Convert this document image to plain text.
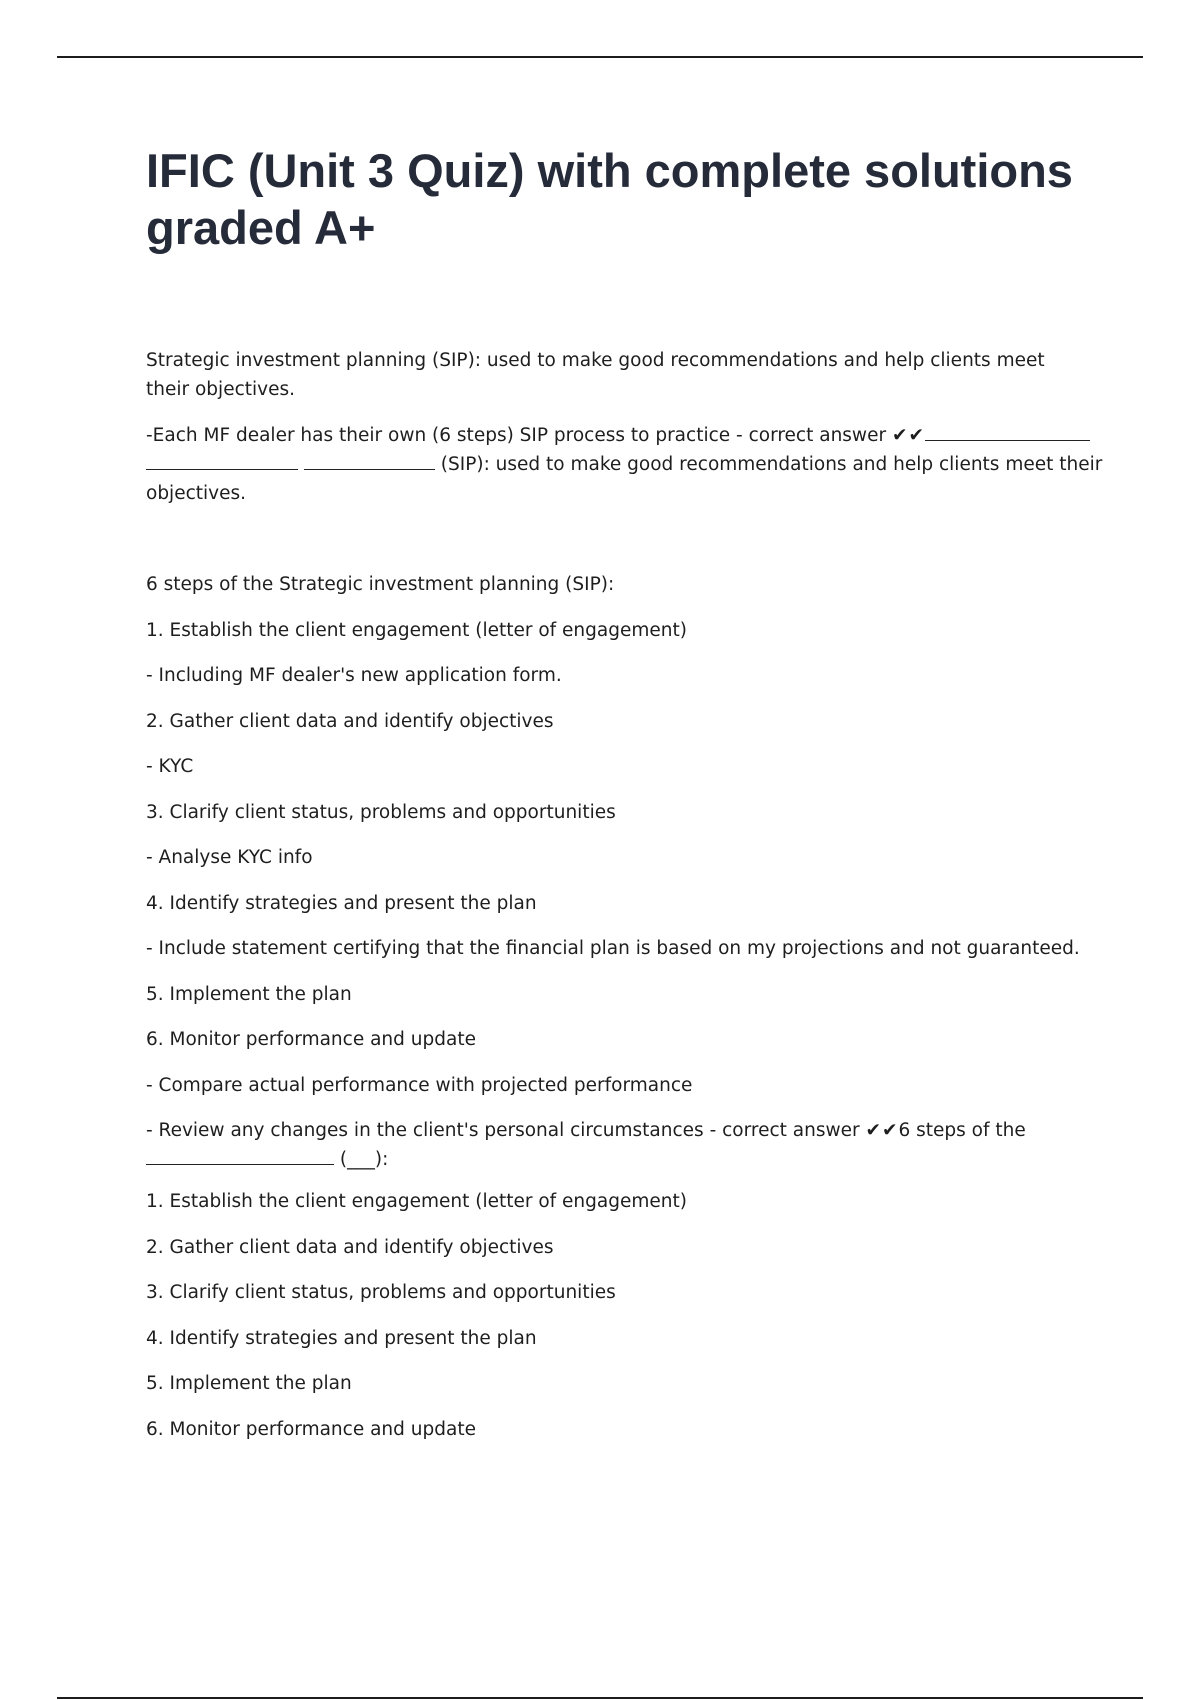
IFIC (Unit 3 Quiz) with complete solutions graded A+
Strategic investment planning (SIP): used to make good recommendations and help clients meet their objectives.
-Each MF dealer has their own (6 steps) SIP process to practice - correct answer ✔✔
(SIP): used to make good recommendations and help clients meet their
objectives.
6 steps of the Strategic investment planning (SIP):
1. Establish the client engagement (letter of engagement)
- Including MF dealer's new application form.
2. Gather client data and identify objectives
- KYC
3. Clarify client status, problems and opportunities
- Analyse KYC info
4. Identify strategies and present the plan
- Include statement certifying that the financial plan is based on my projections and not guaranteed.
5. Implement the plan
6. Monitor performance and update
- Compare actual performance with projected performance
- Review any changes in the client's personal circumstances - correct answer ✔✔6 steps of the
(___):
1. Establish the client engagement (letter of engagement)
2. Gather client data and identify objectives
3. Clarify client status, problems and opportunities
4. Identify strategies and present the plan
5. Implement the plan
6. Monitor performance and update
